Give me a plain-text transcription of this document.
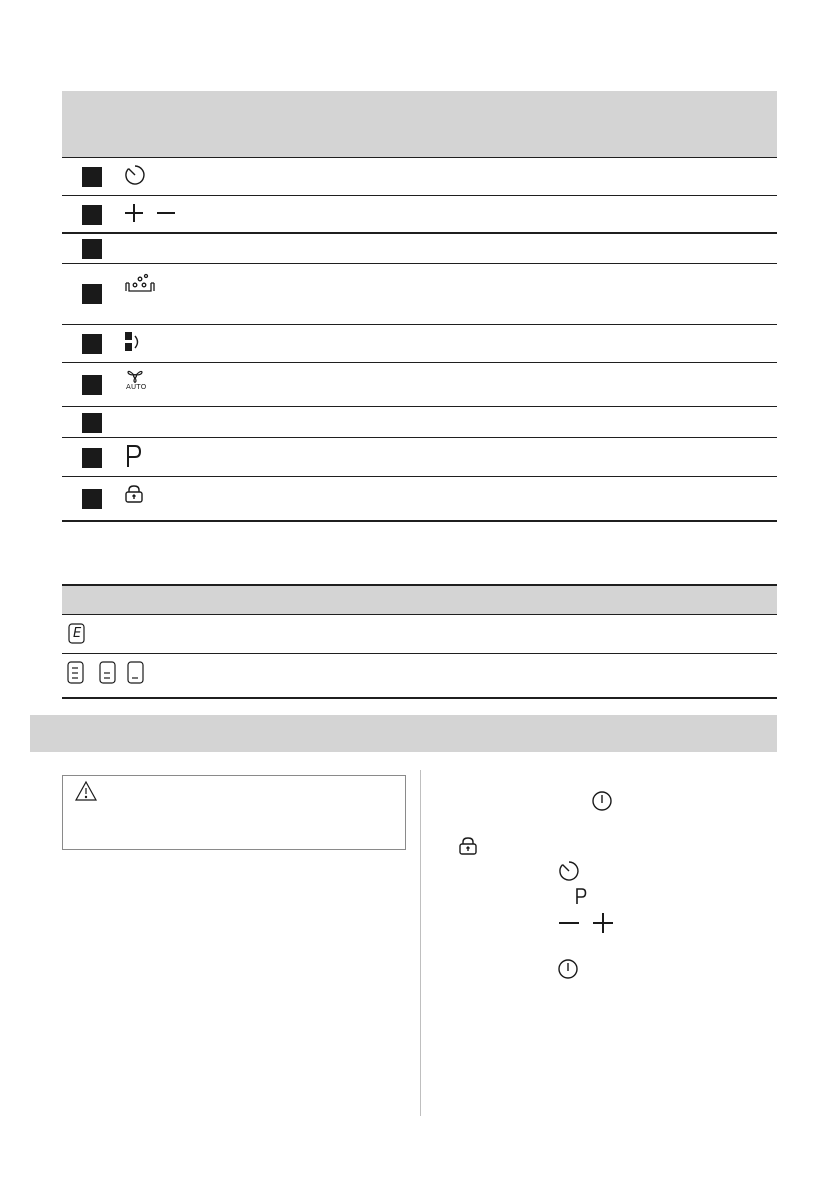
AUTO
E
